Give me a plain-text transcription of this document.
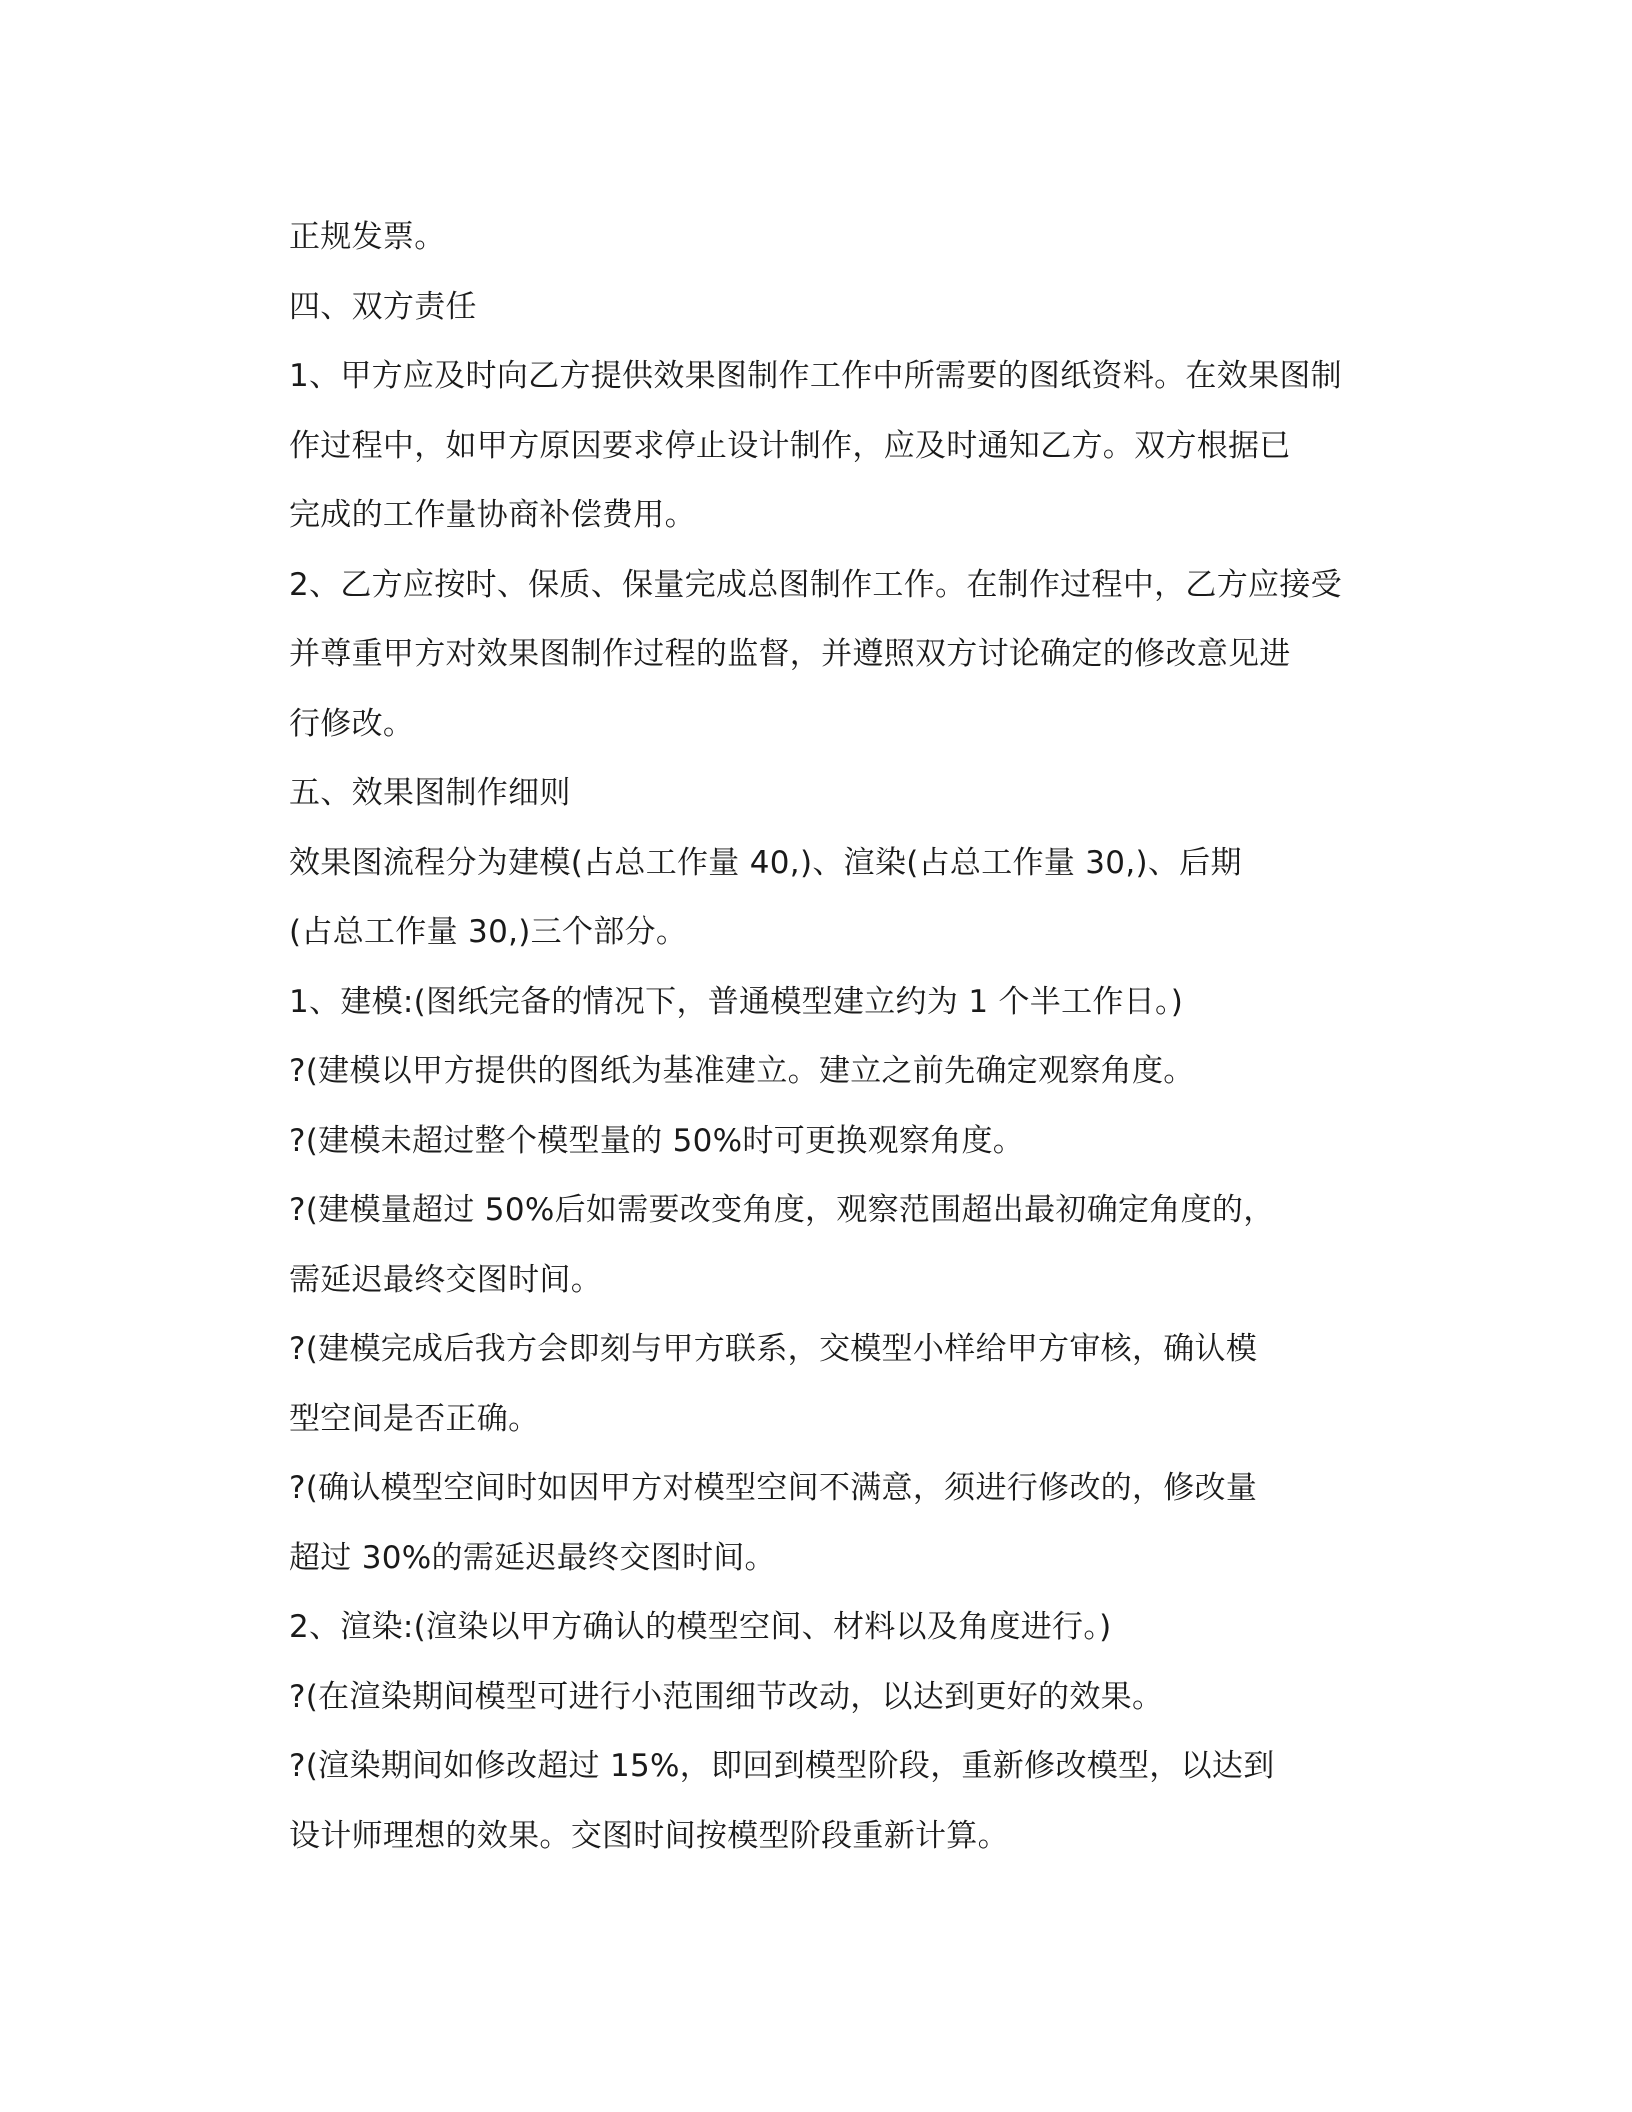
正规发票。
四、双方责任
1、甲方应及时向乙方提供效果图制作工作中所需要的图纸资料。在效果图制
作过程中，如甲方原因要求停止设计制作，应及时通知乙方。双方根据已
完成的工作量协商补偿费用。
2、乙方应按时、保质、保量完成总图制作工作。在制作过程中，乙方应接受
并尊重甲方对效果图制作过程的监督，并遵照双方讨论确定的修改意见进
行修改。
五、效果图制作细则
效果图流程分为建模(占总工作量 40,)、渲染(占总工作量 30,)、后期
(占总工作量 30,)三个部分。
1、建模:(图纸完备的情况下，普通模型建立约为 1 个半工作日。)
?(建模以甲方提供的图纸为基准建立。建立之前先确定观察角度。
?(建模未超过整个模型量的 50%时可更换观察角度。
?(建模量超过 50%后如需要改变角度，观察范围超出最初确定角度的，
需延迟最终交图时间。
?(建模完成后我方会即刻与甲方联系，交模型小样给甲方审核，确认模
型空间是否正确。
?(确认模型空间时如因甲方对模型空间不满意，须进行修改的，修改量
超过 30%的需延迟最终交图时间。
2、渲染:(渲染以甲方确认的模型空间、材料以及角度进行。)
?(在渲染期间模型可进行小范围细节改动，以达到更好的效果。
?(渲染期间如修改超过 15%，即回到模型阶段，重新修改模型，以达到
设计师理想的效果。交图时间按模型阶段重新计算。
